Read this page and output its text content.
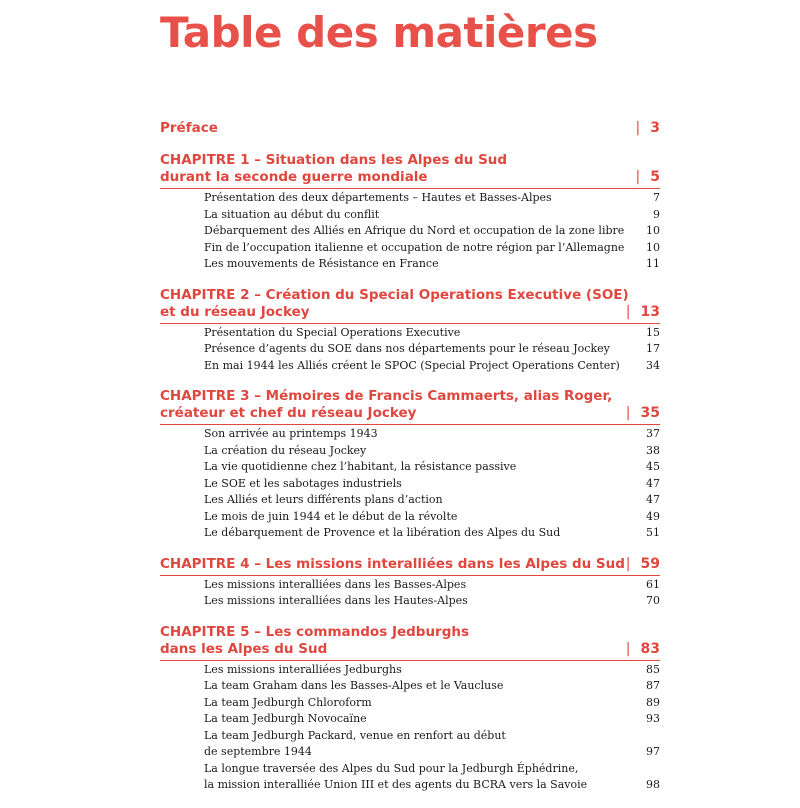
Table des matières
Préface	| 3
CHAPITRE 1 – Situation dans les Alpes du Sud
durant la seconde guerre mondiale	| 5
Présentation des deux départements – Hautes et Basses-Alpes	7
La situation au début du conflit	9
Débarquement des Alliés en Afrique du Nord et occupation de la zone libre 10
Fin de l’occupation italienne et occupation de notre région par l’Allemagne 10
Les mouvements de Résistance en France	11
CHAPITRE 2 – Création du Special Operations Executive (SOE)
et du réseau Jockey	| 13
Présentation du Special Operations Executive	15
Présence d’agents du SOE dans nos départements pour le réseau Jockey	17
En mai 1944 les Alliés créent le SPOC (Special Project Operations Center) 34
CHAPITRE 3 – Mémoires de Francis Cammaerts, alias Roger,
créateur et chef du réseau Jockey	| 35
Son arrivée au printemps 1943	37
La création du réseau Jockey	38
La vie quotidienne chez l’habitant, la résistance passive	45
Le SOE et les sabotages industriels	47
Les Alliés et leurs différents plans d’action	47
Le mois de juin 1944 et le début de la révolte	49
Le débarquement de Provence et la libération des Alpes du Sud	51
CHAPITRE 4 – Les missions interalliées dans les Alpes du Sud | 59
Les missions interalliées dans les Basses-Alpes	61
Les missions interalliées dans les Hautes-Alpes	70
CHAPITRE 5 – Les commandos Jedburghs
dans les Alpes du Sud	| 83
Les missions interalliées Jedburghs	85
La team Graham dans les Basses-Alpes et le Vaucluse	87
La team Jedburgh Chloroform	89
La team Jedburgh Novocaïne	93
La team Jedburgh Packard, venue en renfort au début
de septembre 1944	97
La longue traversée des Alpes du Sud pour la Jedburgh Éphédrine,
la mission interalliée Union III et des agents du BCRA vers la Savoie	98
